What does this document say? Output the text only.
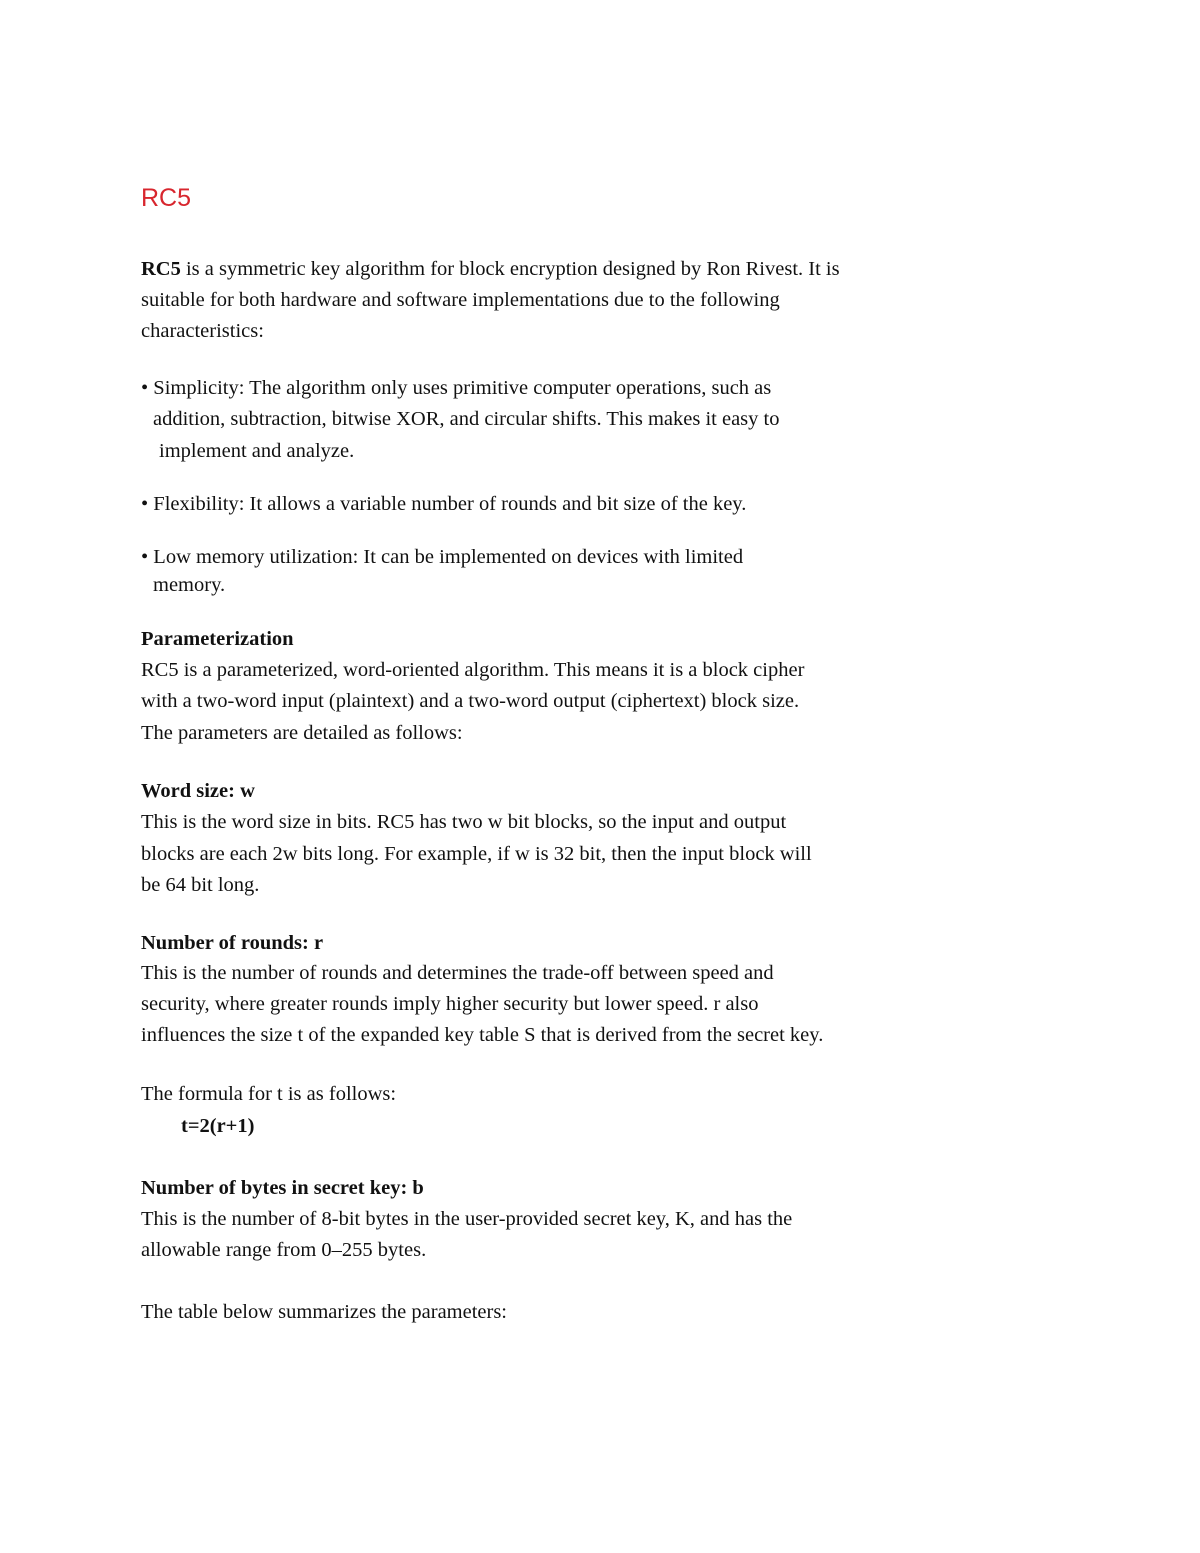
RC5
RC5 is a symmetric key algorithm for block encryption designed by Ron Rivest. It is
suitable for both hardware and software implementations due to the following
characteristics:
• Simplicity: The algorithm only uses primitive computer operations, such as
addition, subtraction, bitwise XOR, and circular shifts. This makes it easy to
implement and analyze.
• Flexibility: It allows a variable number of rounds and bit size of the key.
• Low memory utilization: It can be implemented on devices with limited
memory.
Parameterization
RC5 is a parameterized, word-oriented algorithm. This means it is a block cipher
with a two-word input (plaintext) and a two-word output (ciphertext) block size.
The parameters are detailed as follows:
Word size: w
This is the word size in bits. RC5 has two w bit blocks, so the input and output
blocks are each 2w bits long. For example, if w is 32 bit, then the input block will
be 64 bit long.
Number of rounds: r
This is the number of rounds and determines the trade-off between speed and
security, where greater rounds imply higher security but lower speed. r also
influences the size t of the expanded key table S that is derived from the secret key.
The formula for t is as follows:
t=2(r+1)
Number of bytes in secret key: b
This is the number of 8-bit bytes in the user-provided secret key, K, and has the
allowable range from 0–255 bytes.
The table below summarizes the parameters:
